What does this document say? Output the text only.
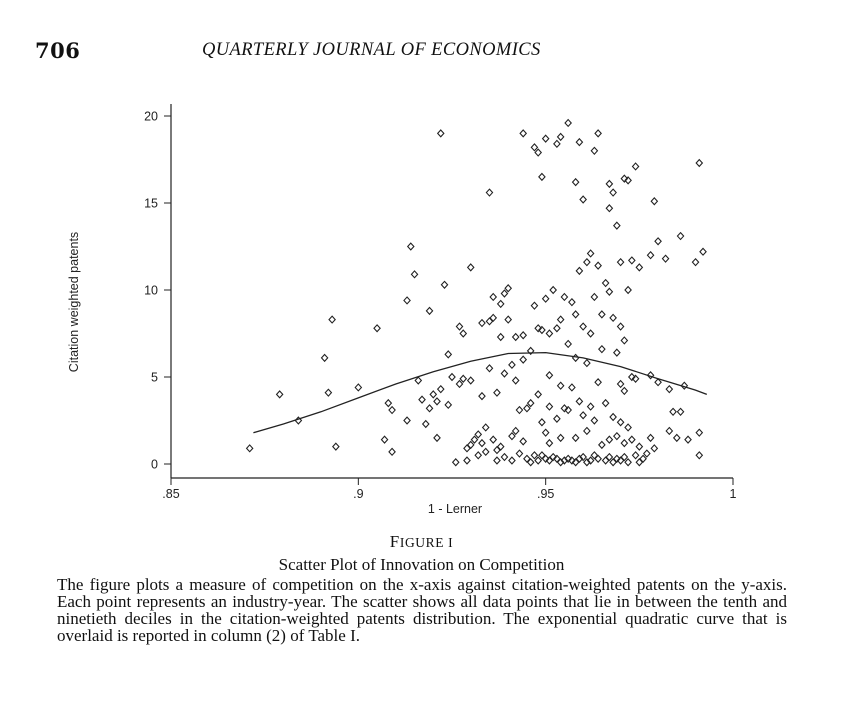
706	QUARTERLY JOURNAL OF ECONOMICS
0
5
10
15
20
.85	.9	.95	1
Citation weighted patents
1 - Lerner
FIGURE I
Scatter Plot of Innovation on Competition
The figure plots a measure of competition on the x-axis against citation-weighted patents on the y-axis. Each point represents an industry-year. The scatter shows all data points that lie in between the tenth and ninetieth deciles in the citation-weighted patents distribution. The exponential quadratic curve that is overlaid is reported in column (2) of Table I.
